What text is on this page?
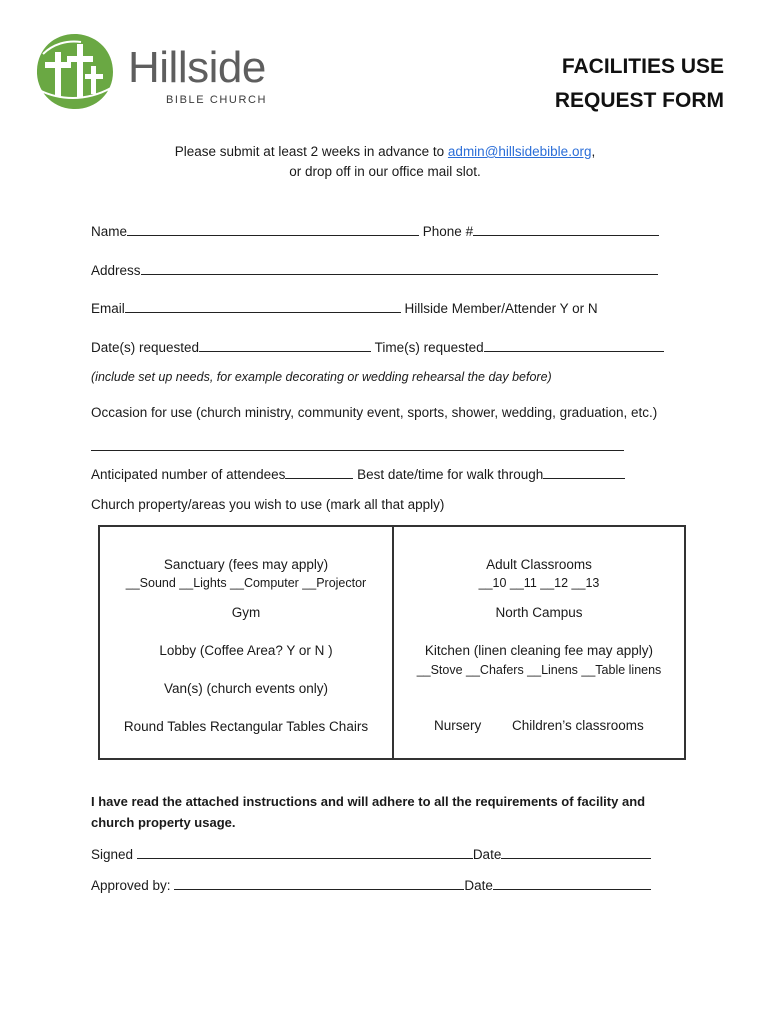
Hillside
BIBLE CHURCH
FACILITIES USE
REQUEST FORM
Please submit at least 2 weeks in advance to admin@hillsidebible.org,
or drop off in our office mail slot.
Name	Phone #
Address
Email	Hillside Member/Attender Y or N
Date(s) requested	Time(s) requested
(include set up needs, for example decorating or wedding rehearsal the day before)
Occasion for use (church ministry, community event, sports, shower, wedding, graduation, etc.)
Anticipated number of attendees	Best date/time for walk through
Church property/areas you wish to use (mark all that apply)
Sanctuary (fees may apply)
__Sound __Lights __Computer __Projector
Gym
Lobby (Coffee Area? Y or N )
Van(s) (church events only)
Round Tables Rectangular Tables Chairs
Adult Classrooms
__10 __11 __12 __13
North Campus
Kitchen (linen cleaning fee may apply)
__Stove __Chafers __Linens __Table linens
Nursery Children’s classrooms
I have read the attached instructions and will adhere to all the requirements of facility and
church property usage.
Signed	Date
Approved by:	Date
